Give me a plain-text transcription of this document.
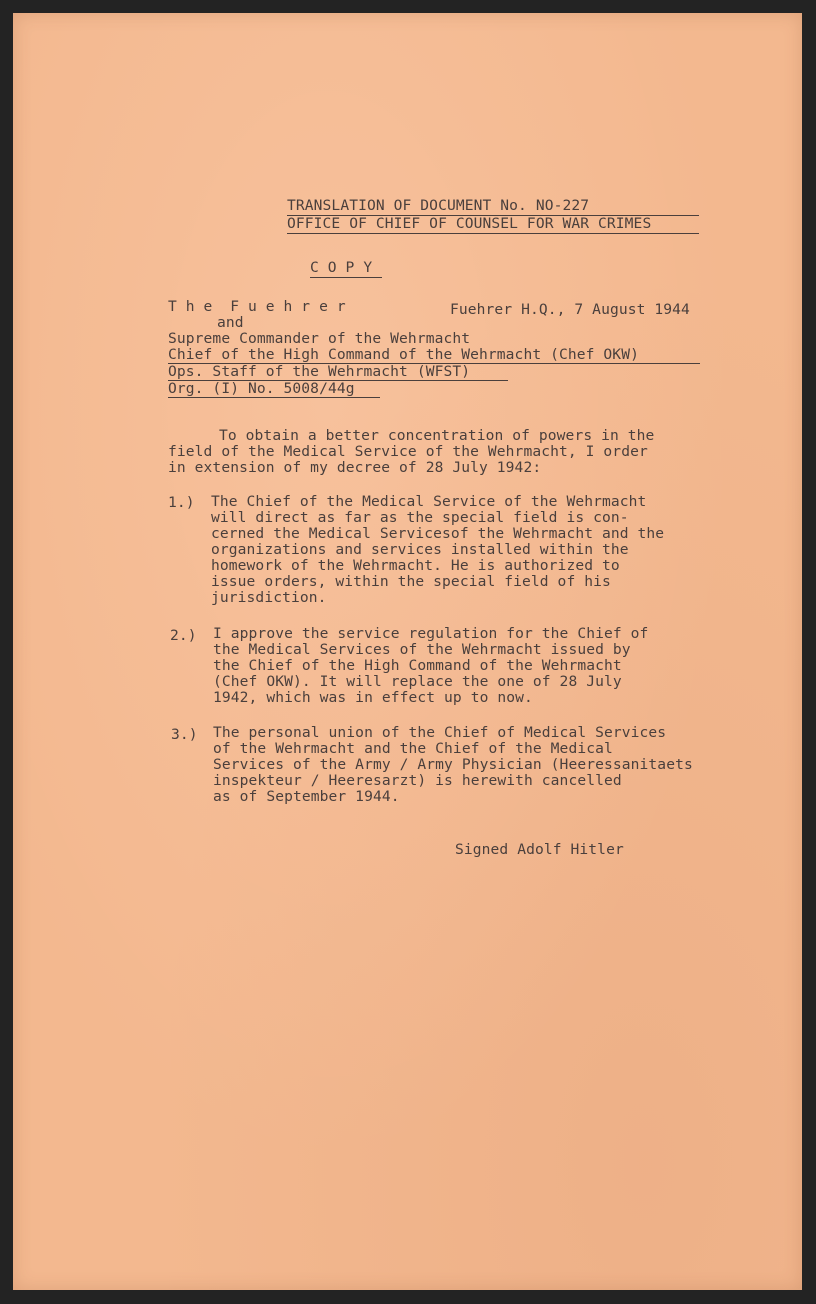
TRANSLATION OF DOCUMENT No. NO-227
OFFICE OF CHIEF OF COUNSEL FOR WAR CRIMES
C O P Y
T h e  F u e h r e r	Fuehrer H.Q., 7 August 1944
and
Supreme Commander of the Wehrmacht
Chief of the High Command of the Wehrmacht (Chef OKW)
Ops. Staff of the Wehrmacht (WFST)
Org. (I) No. 5008/44g
To obtain a better concentration of powers in the
field of the Medical Service of the Wehrmacht, I order
in extension of my decree of 28 July 1942:
1.) The Chief of the Medical Service of the Wehrmacht
will direct as far as the special field is con-
cerned the Medical Servicesof the Wehrmacht and the
organizations and services installed within the
homework of the Wehrmacht. He is authorized to
issue orders, within the special field of his
jurisdiction.
2.) I approve the service regulation for the Chief of
the Medical Services of the Wehrmacht issued by
the Chief of the High Command of the Wehrmacht
(Chef OKW). It will replace the one of 28 July
1942, which was in effect up to now.
3.) The personal union of the Chief of Medical Services
of the Wehrmacht and the Chief of the Medical
Services of the Army / Army Physician (Heeressanitaets
inspekteur / Heeresarzt) is herewith cancelled
as of September 1944.
Signed Adolf Hitler
